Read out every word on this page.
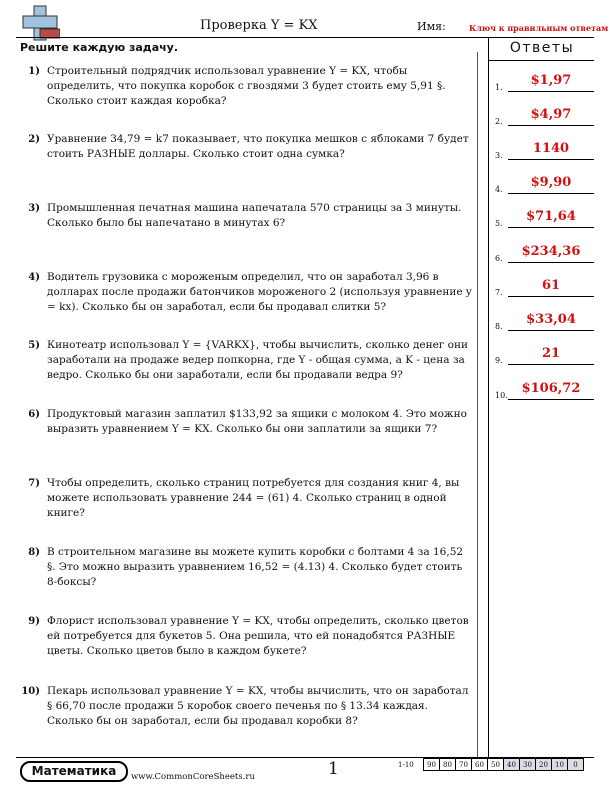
Проверка Y = KX	Имя:	Ключ к правильным ответам
Решите каждую задачу.
1) Строительный подрядчик использовал уравнение Y = KX, чтобы определить, что покупка коробок с гвоздями 3 будет стоить ему 5,91 §. Сколько стоит каждая коробка?
2) Уравнение 34,79 = k7 показывает, что покупка мешков с яблоками 7 будет стоить РАЗНЫЕ доллары. Сколько стоит одна сумка?
3) Промышленная печатная машина напечатала 570 страницы за 3 минуты. Сколько было бы напечатано в минутах 6?
4) Водитель грузовика с мороженым определил, что он заработал 3,96 в долларах после продажи батончиков мороженого 2 (используя уравнение y = kx). Сколько бы он заработал, если бы продавал слитки 5?
5) Кинотеатр использовал Y = {VARKX}, чтобы вычислить, сколько денег они заработали на продаже ведер попкорна, где Y - общая сумма, а K - цена за ведро. Сколько бы они заработали, если бы продавали ведра 9?
6) Продуктовый магазин заплатил $133,92 за ящики с молоком 4. Это можно выразить уравнением Y = KX. Сколько бы они заплатили за ящики 7?
7) Чтобы определить, сколько страниц потребуется для создания книг 4, вы можете использовать уравнение 244 = (61) 4. Сколько страниц в одной книге?
8) В строительном магазине вы можете купить коробки с болтами 4 за 16,52 §. Это можно выразить уравнением 16,52 = (4.13) 4. Сколько будет стоить 8-боксы?
9) Флорист использовал уравнение Y = KX, чтобы определить, сколько цветов ей потребуется для букетов 5. Она решила, что ей понадобятся РАЗНЫЕ цветы. Сколько цветов было в каждом букете?
10) Пекарь использовал уравнение Y = KX, чтобы вычислить, что он заработал § 66,70 после продажи 5 коробок своего печенья по § 13.34 каждая. Сколько бы он заработал, если бы продавал коробки 8?
Ответы
1.	$1,97
2.	$4,97
3.	1140
4.	$9,90
5.	$71,64
6.	$234,36
7.	61
8.	$33,04
9.	21
10.	$106,72
Математика	www.CommonCoreSheets.ru	1	1-10 90	80	70	60	50	40	30	20	10	0
